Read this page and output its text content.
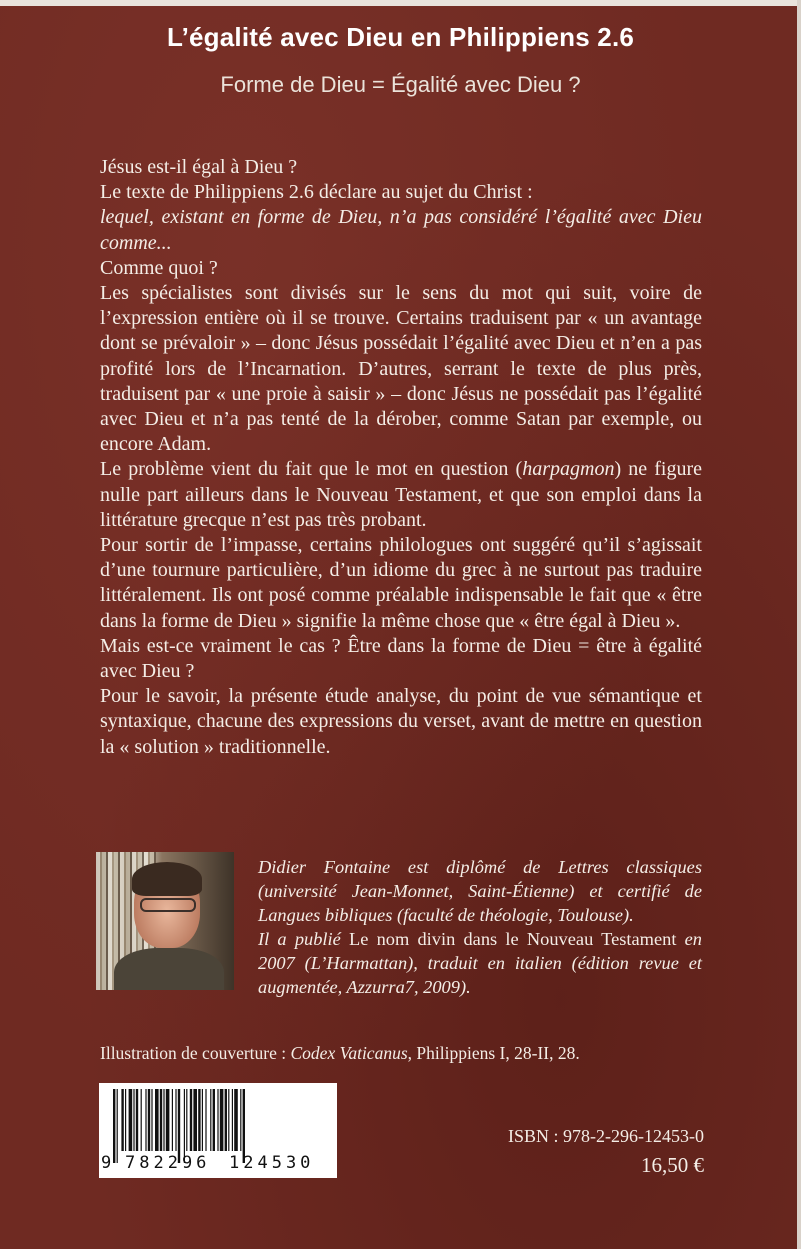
L’égalité avec Dieu en Philippiens 2.6
Forme de Dieu = Égalité avec Dieu ?

Jésus est-il égal à Dieu ?

Le texte de Philippiens 2.6 déclare au sujet du Christ :

lequel, existant en forme de Dieu, n’a pas considéré l’égalité avec Dieu comme...

Comme quoi ?

Les spécialistes sont divisés sur le sens du mot qui suit, voire de l’expression entière où il se trouve. Certains traduisent par « un avantage dont se prévaloir » – donc Jésus possédait l’égalité avec Dieu et n’en a pas profité lors de l’Incarnation. D’autres, serrant le texte de plus près, traduisent par « une proie à saisir » – donc Jésus ne possédait pas l’égalité avec Dieu et n’a pas tenté de la dérober, comme Satan par exemple, ou encore Adam.

Le problème vient du fait que le mot en question (harpagmon) ne figure nulle part ailleurs dans le Nouveau Testament, et que son emploi dans la littérature grecque n’est pas très probant.

Pour sortir de l’impasse, certains philologues ont suggéré qu’il s’agissait d’une tournure particulière, d’un idiome du grec à ne surtout pas traduire littéralement. Ils ont posé comme préalable indispensable le fait que « être dans la forme de Dieu » signifie la même chose que « être égal à Dieu ».

Mais est-ce vraiment le cas ? Être dans la forme de Dieu = être à égalité avec Dieu ?

Pour le savoir, la présente étude analyse, du point de vue sémantique et syntaxique, chacune des expressions du verset, avant de mettre en question la « solution » traditionnelle.

Didier Fontaine est diplômé de Lettres classiques (université Jean-Monnet, Saint-Étienne) et certifié de Langues bibliques (faculté de théologie, Toulouse).

Il a publié Le nom divin dans le Nouveau Testament en 2007 (L’Harmattan), traduit en italien (édition revue et augmentée, Azzurra7, 2009).

Illustration de couverture : Codex Vaticanus, Philippiens I, 28-II, 28.
9 782296 124530
ISBN : 978-2-296-12453-0
16,50 €
